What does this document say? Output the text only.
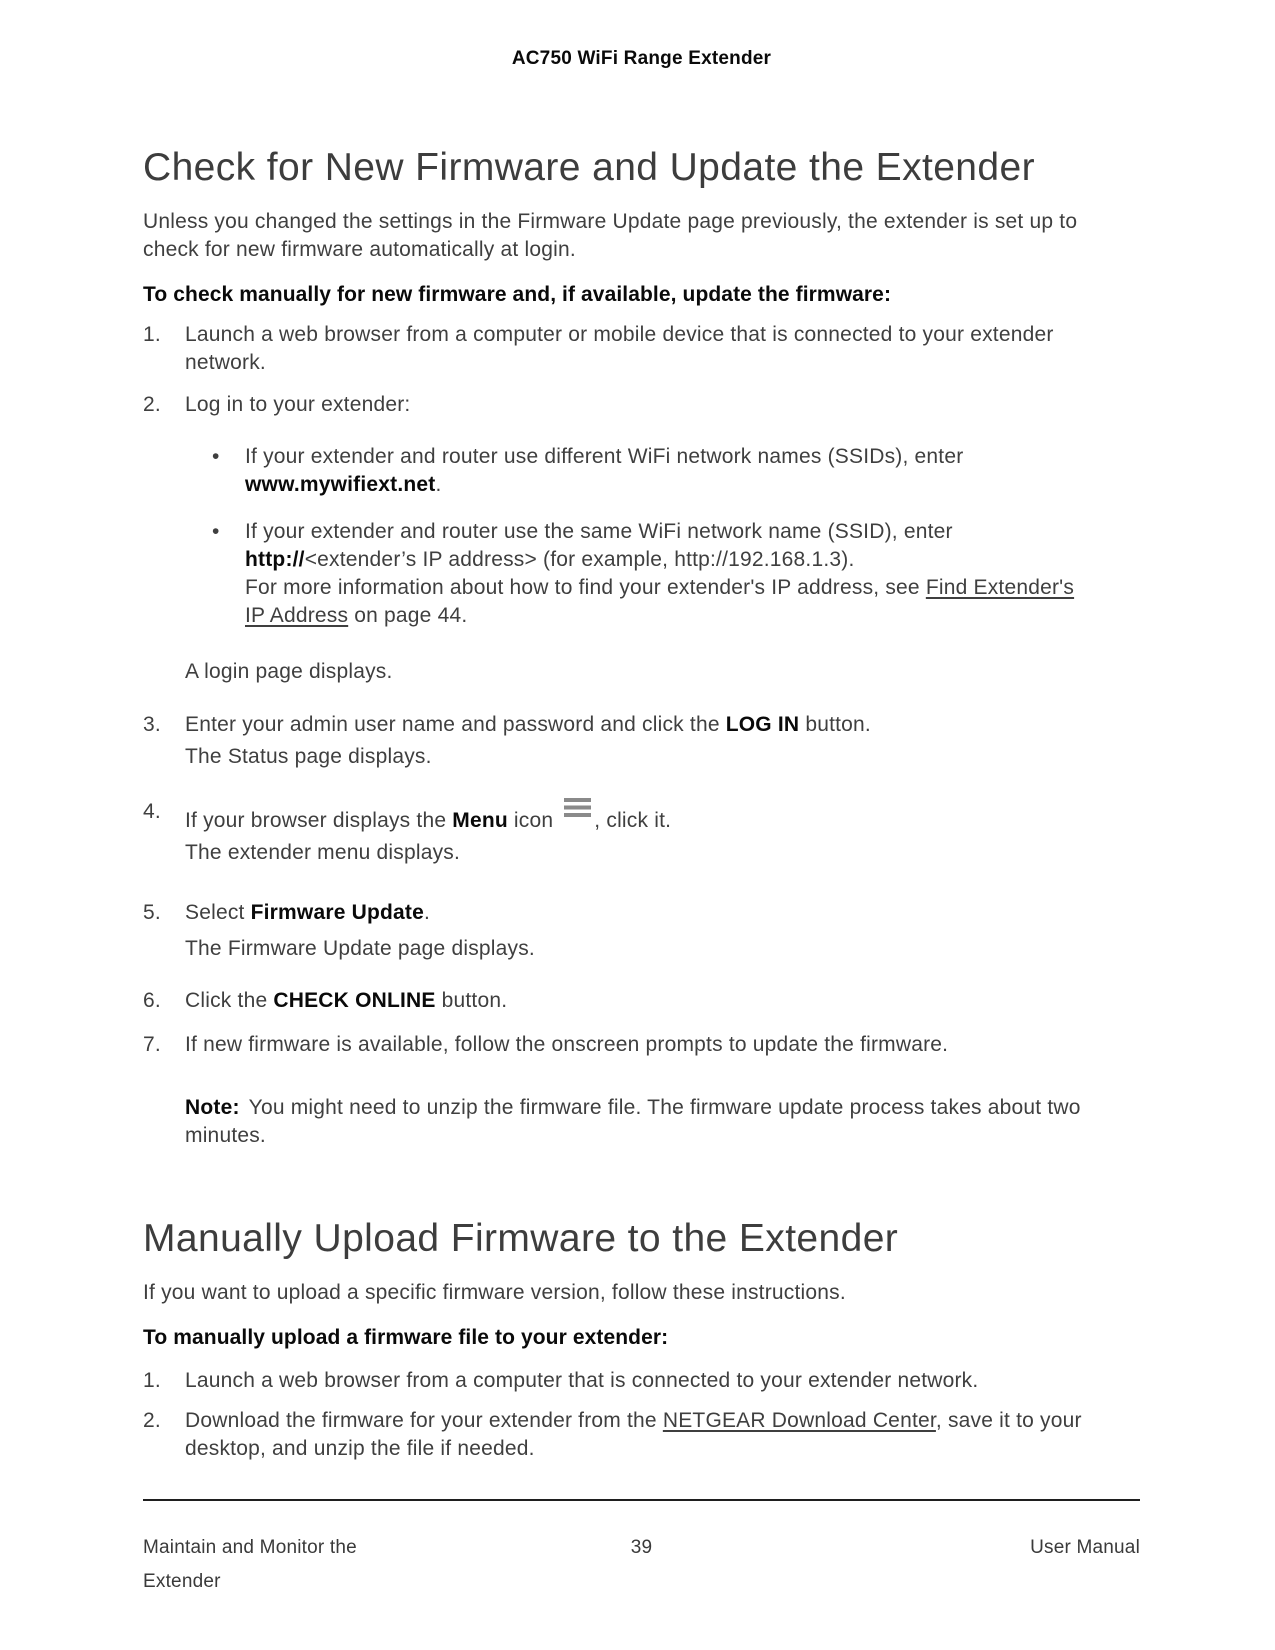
AC750 WiFi Range Extender
Check for New Firmware and Update the Extender

Unless you changed the settings in the Firmware Update page previously, the extender is set up to check for new firmware automatically at login.

To check manually for new firmware and, if available, update the firmware:

1.	Launch a web browser from a computer or mobile device that is connected to your extender network.
2.	Log in to your extender:
•	If your extender and router use different WiFi network names (SSIDs), enter www.mywifiext.net.
•	If your extender and router use the same WiFi network name (SSID), enter http://<extender’s IP address> (for example, http://192.168.1.3).
For more information about how to find your extender's IP address, see Find Extender's IP Address on page 44.
A login page displays.
3.	Enter your admin user name and password and click the LOG IN button.
The Status page displays.
4.	If your browser displays the Menu icon , click it.
The extender menu displays.
5.	Select Firmware Update.
The Firmware Update page displays.
6.	Click the CHECK ONLINE button.
7.	If new firmware is available, follow the onscreen prompts to update the firmware.
Note: You might need to unzip the firmware file. The firmware update process takes about two minutes.
Manually Upload Firmware to the Extender

If you want to upload a specific firmware version, follow these instructions.

To manually upload a firmware file to your extender:

1.	Launch a web browser from a computer that is connected to your extender network.
2.	Download the firmware for your extender from the NETGEAR Download Center, save it to your desktop, and unzip the file if needed.
Maintain and Monitor the Extender
39	User Manual
